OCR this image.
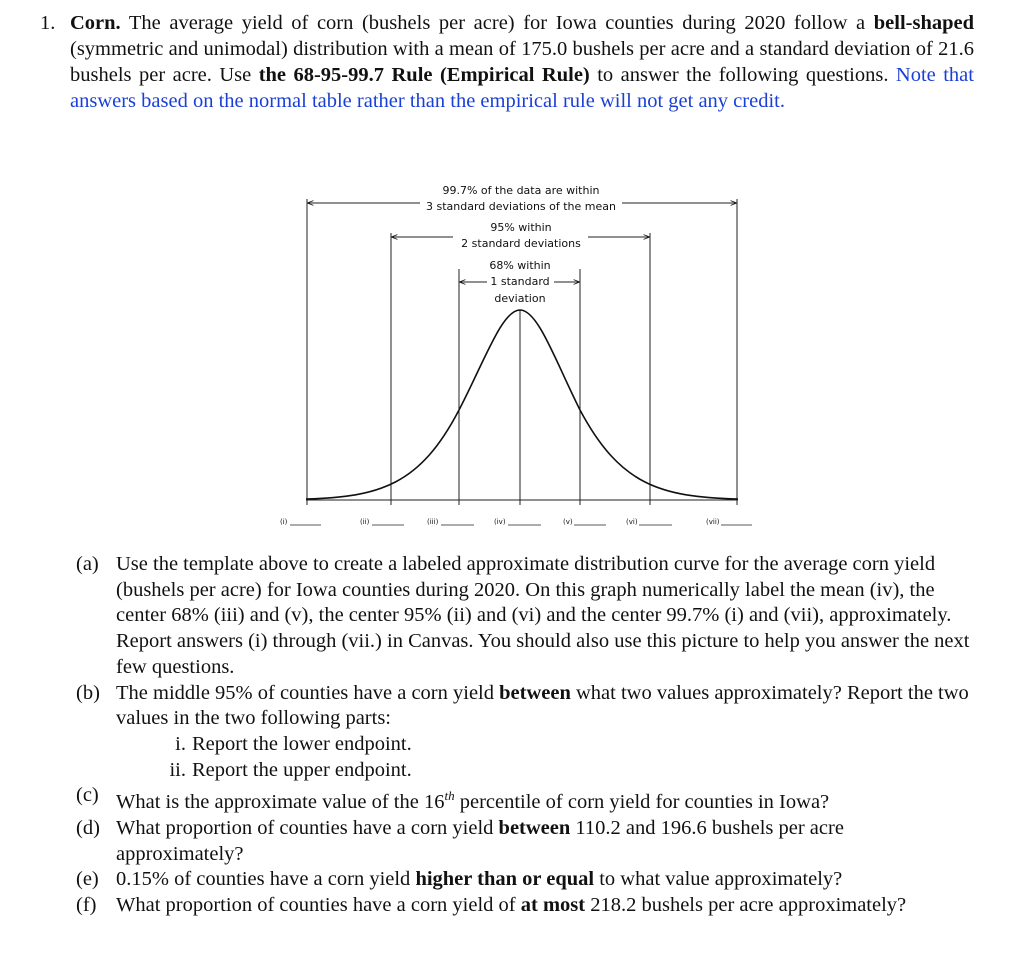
1. Corn. The average yield of corn (bushels per acre) for Iowa counties during 2020 follow a bell-shaped (symmetric and unimodal) distribution with a mean of 175.0 bushels per acre and a standard deviation of 21.6 bushels per acre. Use the 68-95-99.7 Rule (Empirical Rule) to answer the following questions. Note that answers based on the normal table rather than the empirical rule will not get any credit.
99.7% of the data are within
3 standard deviations of the mean
95% within
2 standard deviations
68% within
1 standard
deviation
(i)	(ii)	(iii)	(iv)	(v)	(vi)	(vii)
(a) Use the template above to create a labeled approximate distribution curve for the average corn yield (bushels per acre) for Iowa counties during 2020. On this graph numerically label the mean (iv), the center 68% (iii) and (v), the center 95% (ii) and (vi) and the center 99.7% (i) and (vii), approximately. Report answers (i) through (vii.) in Canvas. You should also use this picture to help you answer the next few questions.
(b) The middle 95% of counties have a corn yield between what two values approximately? Report the two values in the two following parts:
i. Report the lower endpoint.
ii. Report the upper endpoint.
(c) What is the approximate value of the 16th percentile of corn yield for counties in Iowa?
(d) What proportion of counties have a corn yield between 110.2 and 196.6 bushels per acre approximately?
(e) 0.15% of counties have a corn yield higher than or equal to what value approximately?
(f) What proportion of counties have a corn yield of at most 218.2 bushels per acre approximately?
